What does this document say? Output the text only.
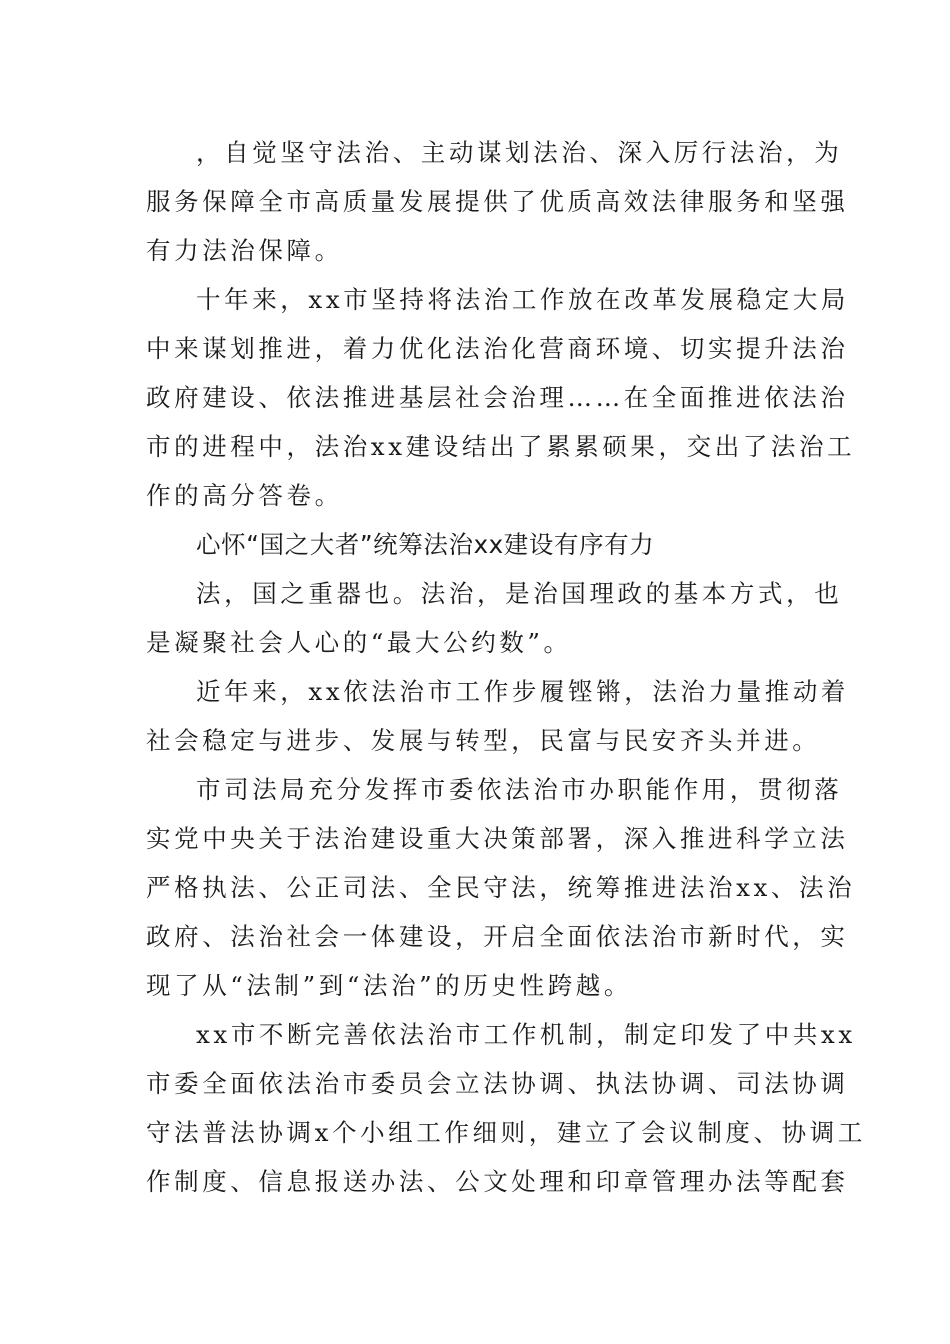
，自觉坚守法治、主动谋划法治、深入厉行法治，为
服务保障全市高质量发展提供了优质高效法律服务和坚强
有力法治保障。
十年来，xx市坚持将法治工作放在改革发展稳定大局
中来谋划推进，着力优化法治化营商环境、切实提升法治
政府建设、依法推进基层社会治理……在全面推进依法治
市的进程中，法治xx建设结出了累累硕果，交出了法治工
作的高分答卷。
心怀“国之大者”统筹法治xx建设有序有力
法，国之重器也。法治，是治国理政的基本方式，也
是凝聚社会人心的“最大公约数”。
近年来，xx依法治市工作步履铿锵，法治力量推动着
社会稳定与进步、发展与转型，民富与民安齐头并进。
市司法局充分发挥市委依法治市办职能作用，贯彻落
实党中央关于法治建设重大决策部署，深入推进科学立法
严格执法、公正司法、全民守法，统筹推进法治xx、法治
政府、法治社会一体建设，开启全面依法治市新时代，实
现了从“法制”到“法治”的历史性跨越。
xx市不断完善依法治市工作机制，制定印发了中共xx
市委全面依法治市委员会立法协调、执法协调、司法协调
守法普法协调x个小组工作细则，建立了会议制度、协调工
作制度、信息报送办法、公文处理和印章管理办法等配套
